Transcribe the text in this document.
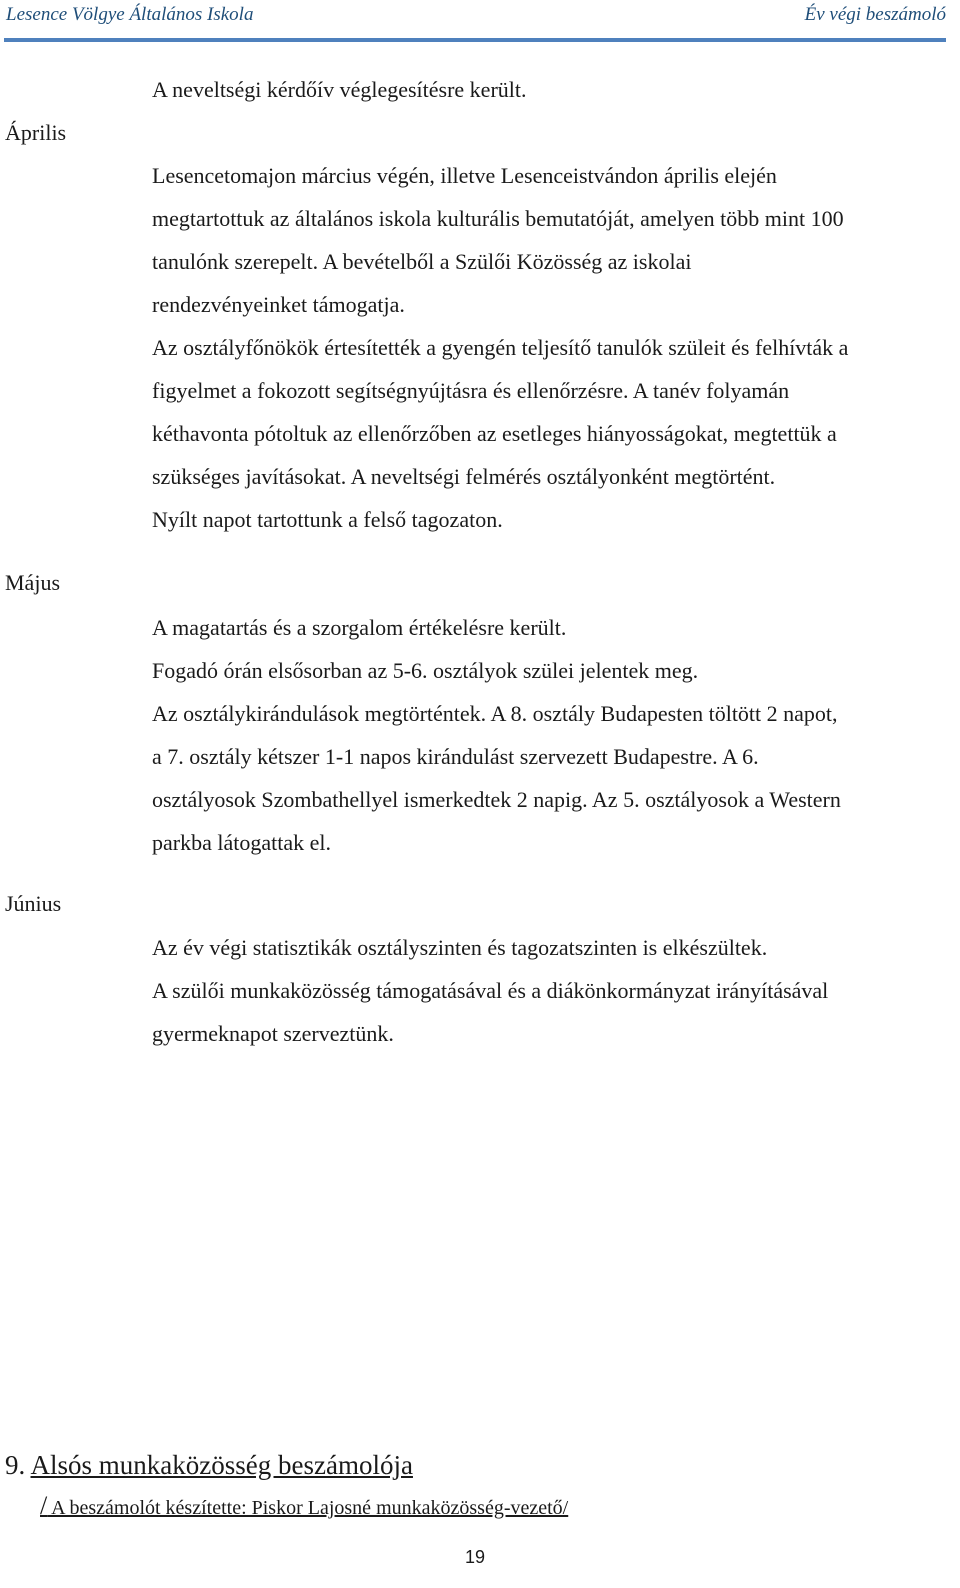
Lesence Völgye Általános Iskola	Év végi beszámoló
Április

A neveltségi kérdőív véglegesítésre került.

Lesencetomajon március végén, illetve Lesenceistvándon április elején

megtartottuk az általános iskola kulturális bemutatóját, amelyen több mint 100

tanulónk szerepelt. A bevételből a Szülői Közösség az iskolai

rendezvényeinket támogatja.

Az osztályfőnökök értesítették a gyengén teljesítő tanulók szüleit és felhívták a

figyelmet a fokozott segítségnyújtásra és ellenőrzésre. A tanév folyamán

kéthavonta pótoltuk az ellenőrzőben az esetleges hiányosságokat, megtettük a

szükséges javításokat. A neveltségi felmérés osztályonként megtörtént.

Nyílt napot tartottunk a felső tagozaton.

Május

A magatartás és a szorgalom értékelésre került.

Fogadó órán elsősorban az 5-6. osztályok szülei jelentek meg.

Az osztálykirándulások megtörténtek. A 8. osztály Budapesten töltött 2 napot,

a 7. osztály kétszer 1-1 napos kirándulást szervezett Budapestre. A 6.

osztályosok Szombathellyel ismerkedtek 2 napig. Az 5. osztályosok a Western

parkba látogattak el.

Június

Az év végi statisztikák osztályszinten és tagozatszinten is elkészültek.

A szülői munkaközösség támogatásával és a diákönkormányzat irányításával

gyermeknapot szerveztünk.

9. Alsós munkaközösség beszámolója
/ A beszámolót készítette: Piskor Lajosné munkaközösség-vezető/
19
